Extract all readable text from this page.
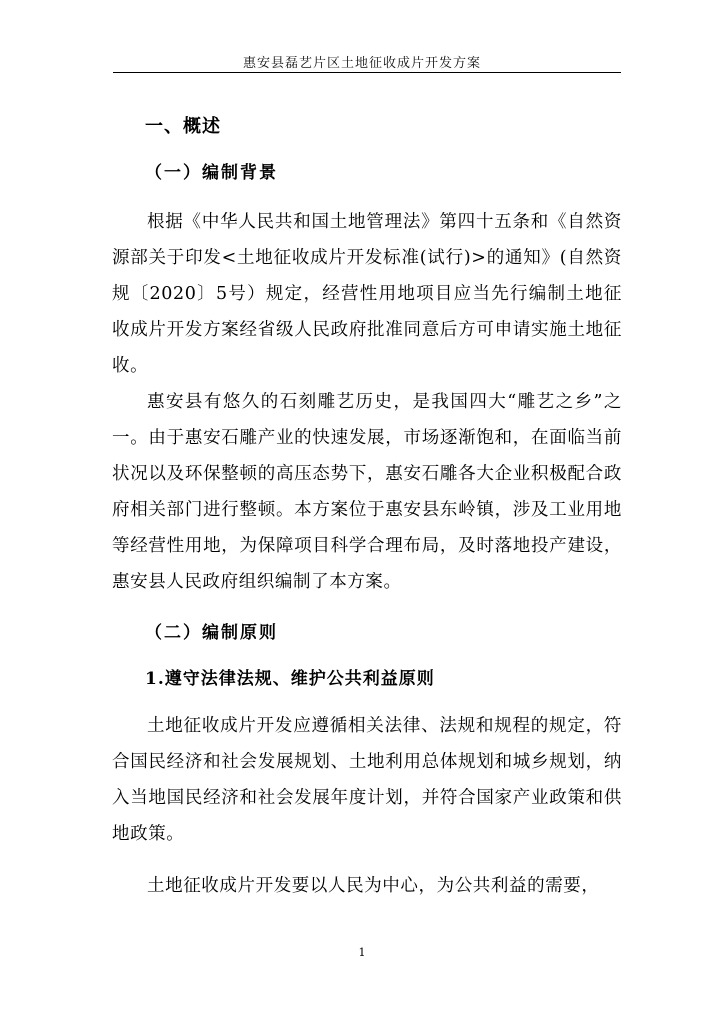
惠安县磊艺片区土地征收成片开发方案
一、概述
（一）编制背景
根据《中华人民共和国土地管理法》第四十五条和《自然资源部关于印发<土地征收成片开发标准(试行)>的通知》(自然资规〔2020〕5号）规定，经营性用地项目应当先行编制土地征收成片开发方案经省级人民政府批准同意后方可申请实施土地征收。
惠安县有悠久的石刻雕艺历史，是我国四大“雕艺之乡”之一。由于惠安石雕产业的快速发展，市场逐渐饱和，在面临当前状况以及环保整顿的高压态势下，惠安石雕各大企业积极配合政府相关部门进行整顿。本方案位于惠安县东岭镇，涉及工业用地等经营性用地，为保障项目科学合理布局，及时落地投产建设，惠安县人民政府组织编制了本方案。
（二）编制原则
1.遵守法律法规、维护公共利益原则
土地征收成片开发应遵循相关法律、法规和规程的规定，符合国民经济和社会发展规划、土地利用总体规划和城乡规划，纳入当地国民经济和社会发展年度计划，并符合国家产业政策和供地政策。
土地征收成片开发要以人民为中心，为公共利益的需要，
1
